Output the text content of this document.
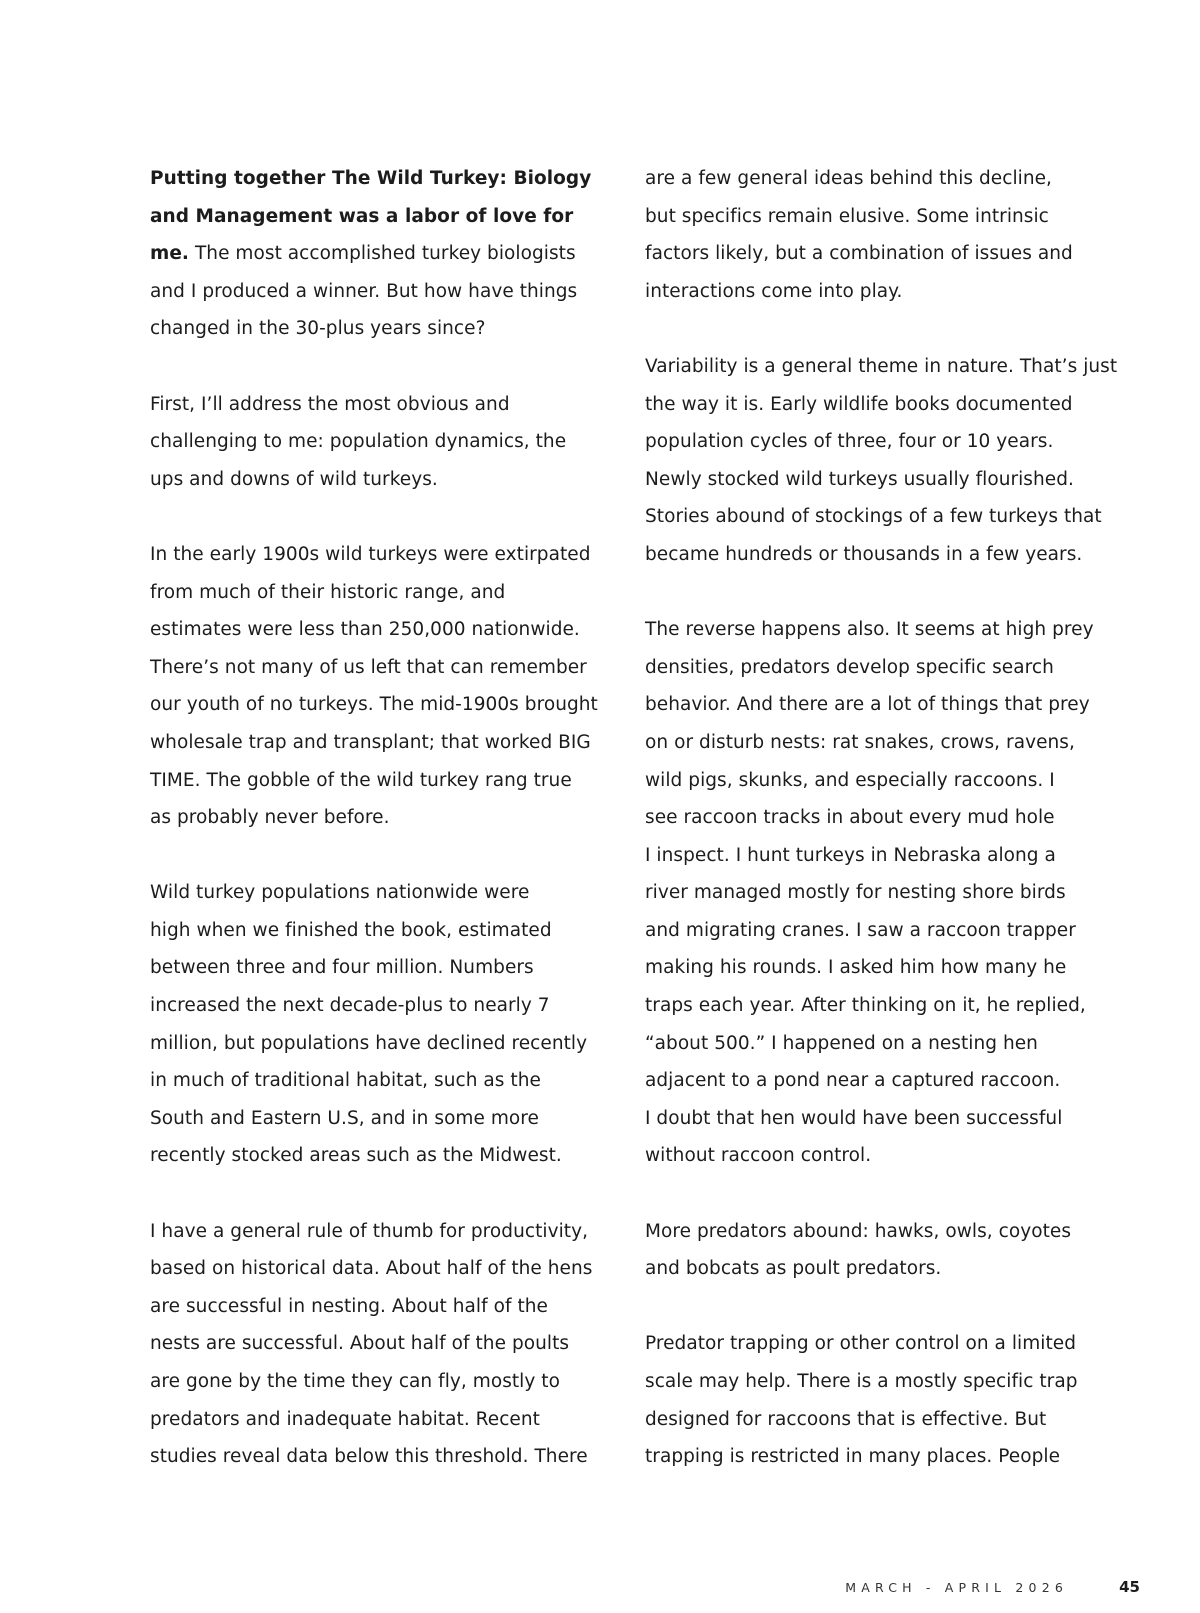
Putting together The Wild Turkey: Biology
and Management was a labor of love for
me. The most accomplished turkey biologists
and I produced a winner. But how have things
changed in the 30-plus years since?

First, I’ll address the most obvious and
challenging to me: population dynamics, the
ups and downs of wild turkeys.

In the early 1900s wild turkeys were extirpated
from much of their historic range, and
estimates were less than 250,000 nationwide.
There’s not many of us left that can remember
our youth of no turkeys. The mid-1900s brought
wholesale trap and transplant; that worked BIG
TIME. The gobble of the wild turkey rang true
as probably never before.

Wild turkey populations nationwide were
high when we finished the book, estimated
between three and four million. Numbers
increased the next decade-plus to nearly 7
million, but populations have declined recently
in much of traditional habitat, such as the
South and Eastern U.S, and in some more
recently stocked areas such as the Midwest.

I have a general rule of thumb for productivity,
based on historical data. About half of the hens
are successful in nesting. About half of the
nests are successful. About half of the poults
are gone by the time they can fly, mostly to
predators and inadequate habitat. Recent
studies reveal data below this threshold. There

are a few general ideas behind this decline,
but specifics remain elusive. Some intrinsic
factors likely, but a combination of issues and
interactions come into play.

Variability is a general theme in nature. That’s just
the way it is. Early wildlife books documented
population cycles of three, four or 10 years.
Newly stocked wild turkeys usually flourished.
Stories abound of stockings of a few turkeys that
became hundreds or thousands in a few years.

The reverse happens also. It seems at high prey
densities, predators develop specific search
behavior. And there are a lot of things that prey
on or disturb nests: rat snakes, crows, ravens,
wild pigs, skunks, and especially raccoons. I
see raccoon tracks in about every mud hole
I inspect. I hunt turkeys in Nebraska along a
river managed mostly for nesting shore birds
and migrating cranes. I saw a raccoon trapper
making his rounds. I asked him how many he
traps each year. After thinking on it, he replied,
“about 500.” I happened on a nesting hen
adjacent to a pond near a captured raccoon.
I doubt that hen would have been successful
without raccoon control.

More predators abound: hawks, owls, coyotes
and bobcats as poult predators.

Predator trapping or other control on a limited
scale may help. There is a mostly specific trap
designed for raccoons that is effective. But
trapping is restricted in many places. People

MARCH - APRIL 2026	45
